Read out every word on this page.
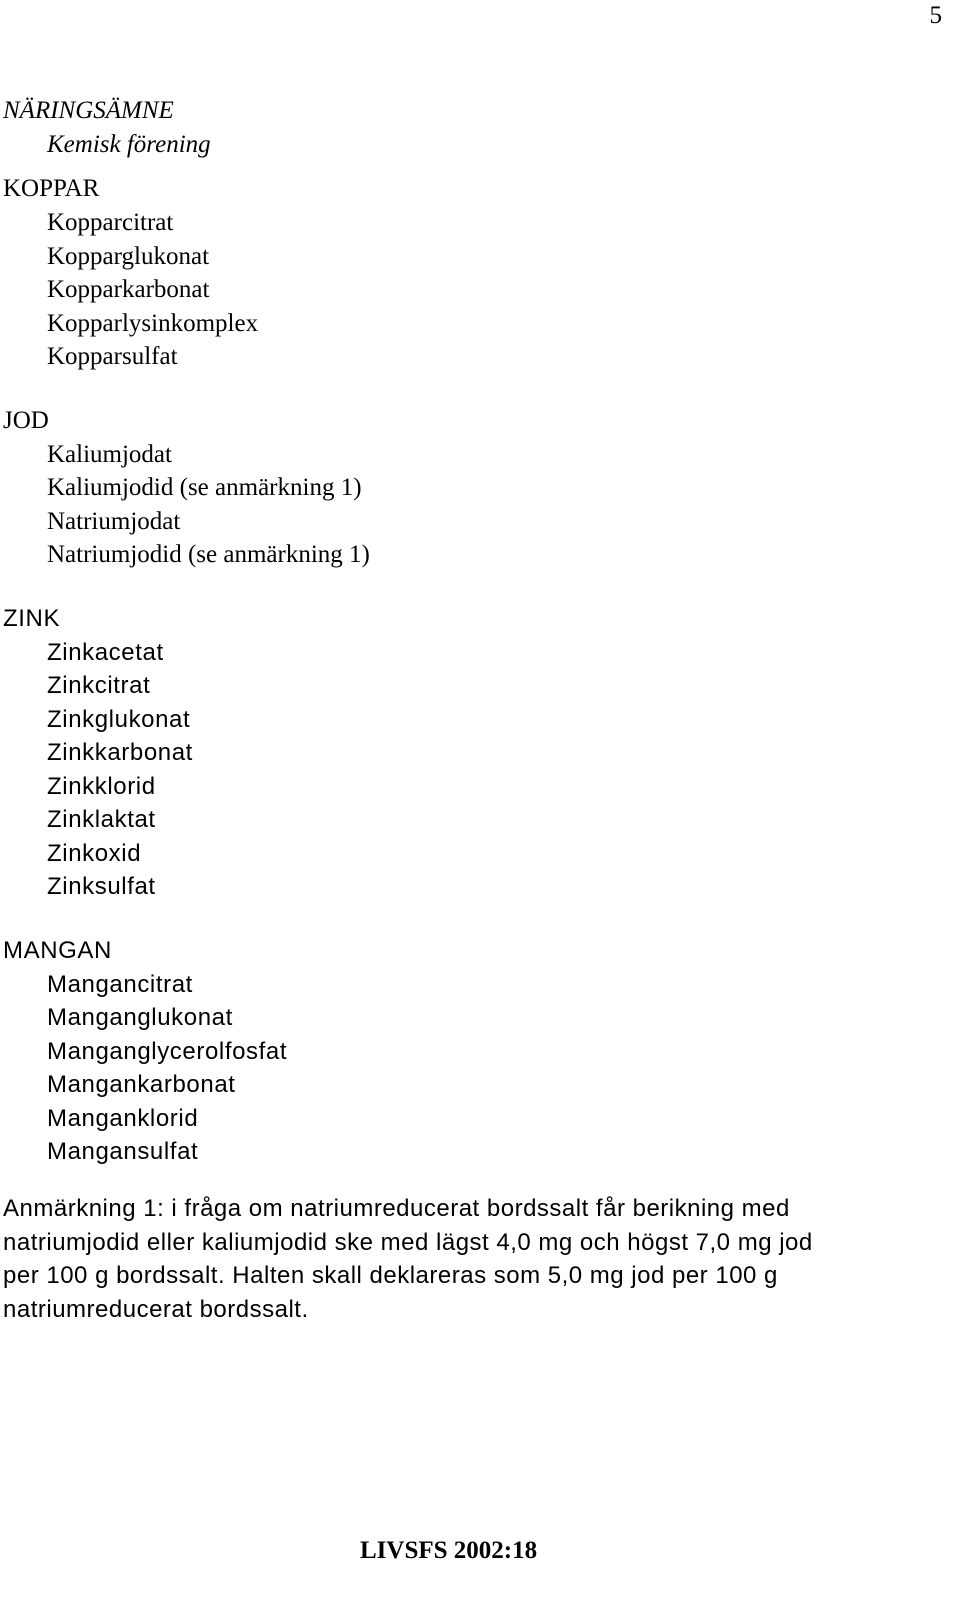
5
NÄRINGSÄMNE
Kemisk förening
KOPPAR
Kopparcitrat
Kopparglukonat
Kopparkarbonat
Kopparlysinkomplex
Kopparsulfat
JOD
Kaliumjodat
Kaliumjodid (se anmärkning 1)
Natriumjodat
Natriumjodid (se anmärkning 1)
ZINK
Zinkacetat
Zinkcitrat
Zinkglukonat
Zinkkarbonat
Zinkklorid
Zinklaktat
Zinkoxid
Zinksulfat
MANGAN
Mangancitrat
Manganglukonat
Manganglycerolfosfat
Mangankarbonat
Manganklorid
Mangansulfat
Anmärkning 1: i fråga om natriumreducerat bordssalt får berikning med
natriumjodid eller kaliumjodid ske med lägst 4,0 mg och högst 7,0 mg jod
per 100 g bordssalt. Halten skall deklareras som 5,0 mg jod per 100 g
natriumreducerat bordssalt.
LIVSFS 2002:18
